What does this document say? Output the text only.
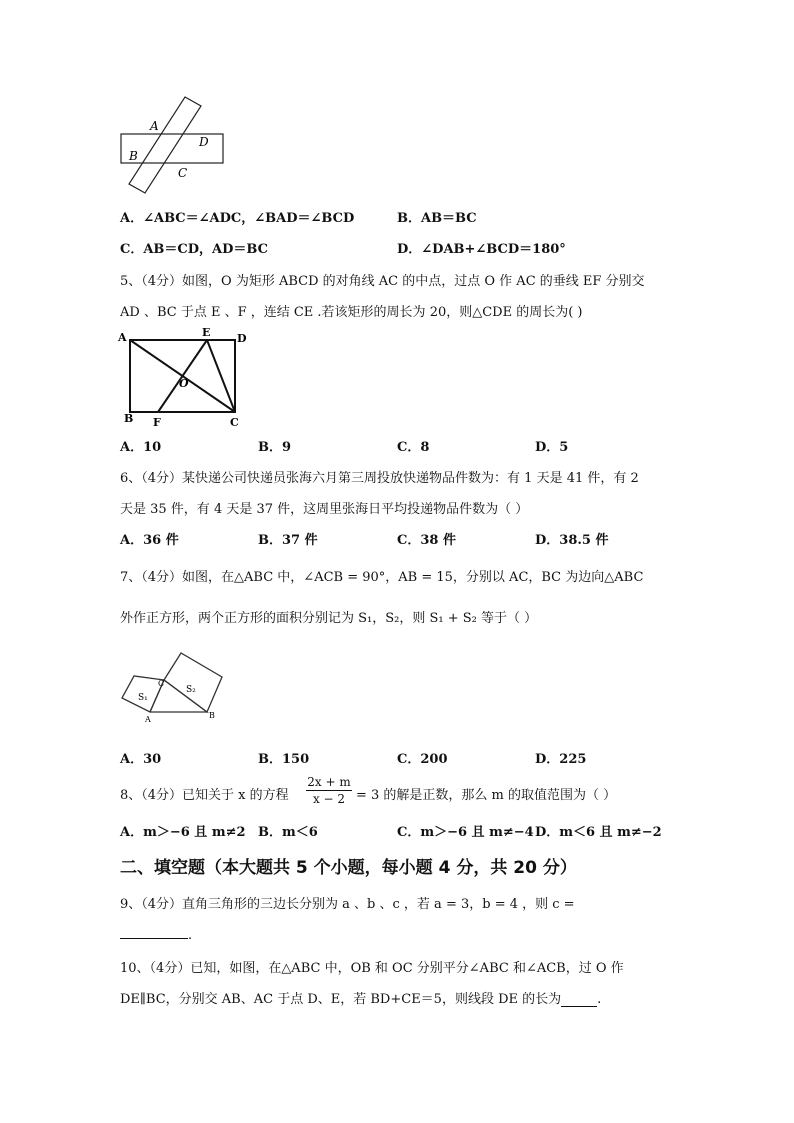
A
D
B
C
A．∠ABC＝∠ADC，∠BAD＝∠BCD	B．AB＝BC
C．AB＝CD，AD＝BC	D．∠DAB+∠BCD＝180°
5、（4分）如图，O 为矩形 ABCD 的对角线 AC 的中点，过点 O 作 AC 的垂线 EF 分别交
AD 、BC 于点 E 、F ，连结 CE .若该矩形的周长为 20，则△CDE 的周长为( )
A	E D
O
B F	C
A．10	B．9	C．8	D．5
6、（4分）某快递公司快递员张海六月第三周投放快递物品件数为：有 1 天是 41 件，有 2
天是 35 件，有 4 天是 37 件，这周里张海日平均投递物品件数为（ ）
A．36 件	B．37 件	C．38 件	D．38.5 件
7、（4分）如图，在△ABC 中，∠ACB = 90°，AB = 15，分别以 AC，BC 为边向△ABC
外作正方形，两个正方形的面积分别记为 S₁，S₂，则 S₁ + S₂ 等于（ ）
S₁
S₂
C
A	B
A．30	B．150	C．200	D．225
8、（4分）已知关于 x 的方程 $\frac{2x + m}{x - 2} = 3$ 的解是正数，那么 m 的取值范围为（ ）
A．m＞−6 且 m≠2 B．m＜6	C．m＞−6 且 m≠−4 D．m＜6 且 m≠−2
二、填空题（本大题共 5 个小题，每小题 4 分，共 20 分）
9、（4分）直角三角形的三边长分别为 a 、b 、c ，若 a = 3，b = 4 ，则 c =
.
10、（4分）已知，如图，在△ABC 中，OB 和 OC 分别平分∠ABC 和∠ACB，过 O 作
DE∥BC，分别交 AB、AC 于点 D、E，若 BD+CE＝5，则线段 DE 的长为	.
